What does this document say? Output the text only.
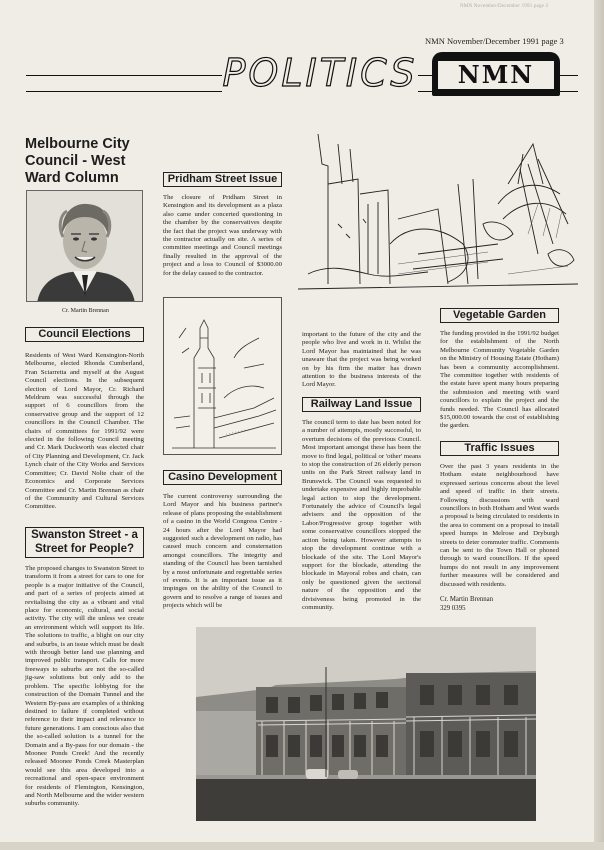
NMN November/December 1991 page 3
NMN November/December 1991 page 3
POLITICS	NMN
Melbourne City Council - West Ward Column
Cr. Martin Brennan
Council Elections
Residents of West Ward Kensington-North Melbourne, elected Rhonda Cumberland, Fran Sciarretta and myself at the August Council elections. In the subsequent election of Lord Mayor, Cr. Richard Meldrum was successful through the support of 6 councillors from the conservative group and the support of 12 councillors in the Council Chamber. The chairs of committees for 1991/92 were elected in the following Council meeting and Cr. Mark Duckworth was elected chair of City Planning and Development, Cr. Jack Lynch chair of the City Works and Services Committee; Cr. David Nolte chair of the Economics and Corporate Services Committee and Cr. Martin Brennan as chair of the Community and Cultural Services Committee.
Swanston Street - a Street for People?
The proposed changes to Swanston Street to transform it from a street for cars to one for people is a major initiative of the Council, and part of a series of projects aimed at revitalising the city as a vibrant and vital place for economic, cultural, and social activity. The city will die unless we create an environment which will support its life. The solutions to traffic, a blight on our city and suburbs, is an issue which must be dealt with through better land use planning and improved public transport. Calls for more freeways to suburbs are not the so-called jig-saw solutions but only add to the problem. The specific lobbying for the construction of the Domain Tunnel and the Western By-pass are examples of a thinking destined to failure if completed without reference to their impact and relevance to future generations. I am conscious also that the so-called solution is a tunnel for the Domain and a By-pass for our domain - the Moonee Ponds Creek! And the recently released Moonee Ponds Creek Masterplan would see this area developed into a recreational and open-space environment for residents of Flemington, Kensington, and North Melbourne and the wider western suburbs community.
Pridham Street Issue
The closure of Pridham Street in Kensington and its development as a plaza also came under concerted questioning in the chamber by the conservatives despite the fact that the project was underway with the contractor actually on site. A series of committee meetings and Council meetings finally resulted in the approval of the project and a loss to Council of $3000.00 for the delay caused to the contractor.
· · · · · · · ·
Casino Development
The current controversy surrounding the Lord Mayor and his business partner's release of plans proposing the establishment of a casino in the World Congress Centre - 24 hours after the Lord Mayor had suggested such a development on radio, has caused much concern and consternation amongst councillors. The integrity and standing of the Council has been tarnished by a most unfortunate and regrettable series of events. It is an important issue as it impinges on the ability of the Council to govern and to resolve a range of issues and projects which will be
important to the future of the city and the people who live and work in it. Whilst the Lord Mayor has maintained that he was unaware that the project was being worked on by his firm the matter has drawn attention to the business interests of the Lord Mayor.
Railway Land Issue
The council term to date has been noted for a number of attempts, mostly successful, to overturn decisions of the previous Council. Most important amongst these has been the move to find legal, political or 'other' means to stop the construction of 26 elderly person units on the Park Street railway land in Brunswick. The Council was requested to undertake expensive and highly improbable legal action to stop the development. Fortunately the advice of Council's legal advisers and the opposition of the Labor/Progressive group together with some conservative councillors stopped the action being taken. However attempts to stop the development continue with a blockade of the site. The Lord Mayor's support for the blockade, attending the blockade in Mayoral robes and chain, can only be questioned given the sectional nature of the opposition and the divisiveness being promoted in the community.
Vegetable Garden
The funding provided in the 1991/92 budget for the establishment of the North Melbourne Community Vegetable Garden on the Ministry of Housing Estate (Hotham) has been a community accomplishment. The committee together with residents of the estate have spent many hours preparing the submission and meeting with ward councillors to explain the project and the funds needed. The Council has allocated $15,000.00 towards the cost of establishing the garden.
Traffic Issues
Over the past 3 years residents in the Hotham estate neighbourhood have expressed serious concerns about the level and speed of traffic in their streets. Following discussions with ward councillors in both Hotham and West wards a proposal is being circulated to residents in the area to comment on a proposal to install speed humps in Melrose and Dryburgh streets to deter commuter traffic. Comments can be sent to the Town Hall or phoned through to ward councillors. If the speed humps do not result in any improvement further measures will be considered and discussed with residents.
Cr. Martin Brennan
329 0395
